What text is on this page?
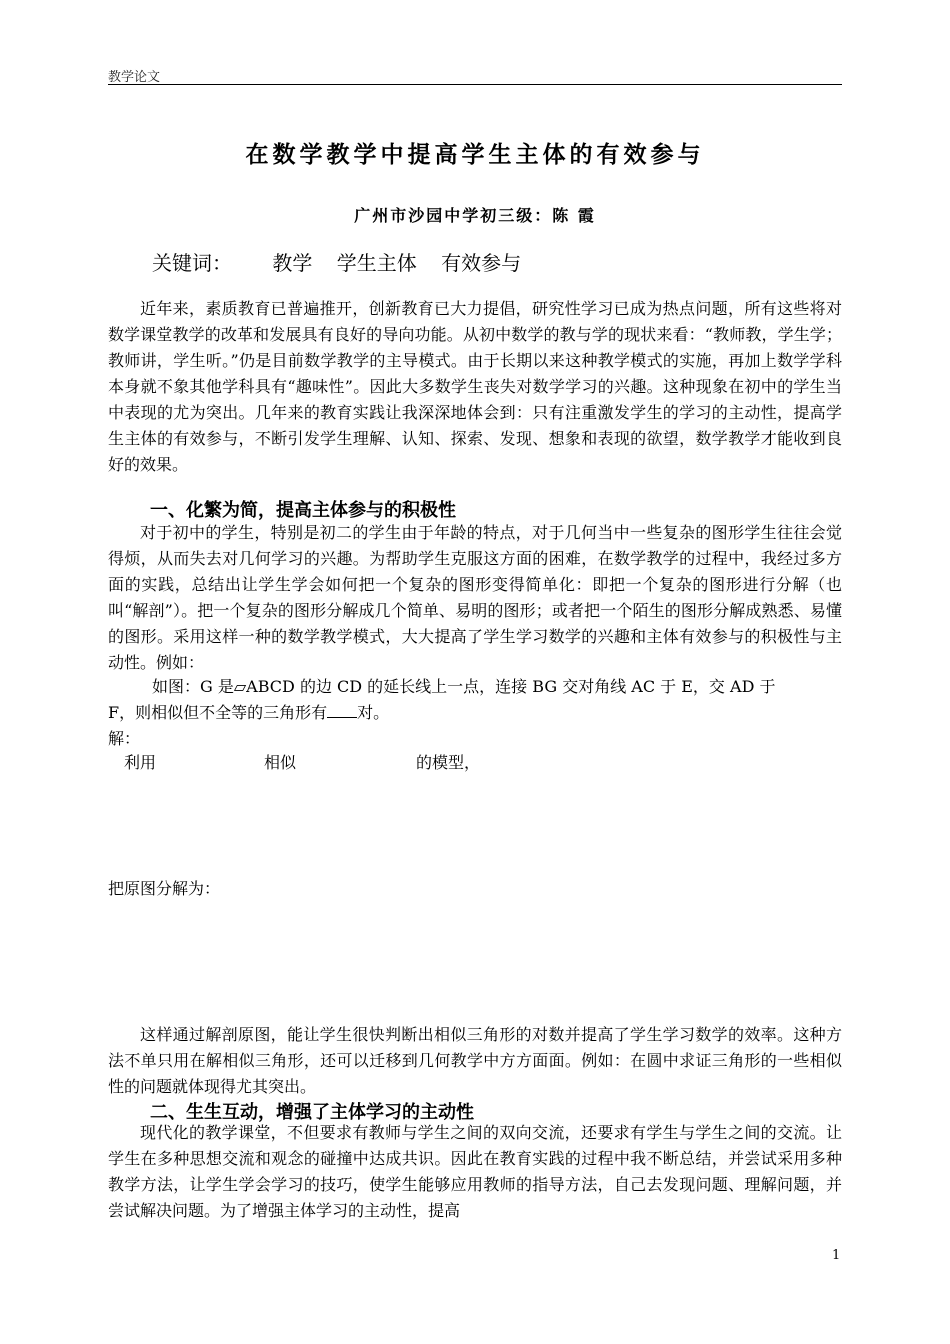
教学论文
在数学教学中提高学生主体的有效参与
广州市沙园中学初三级：陈 霞
关键词： 教学 学生主体 有效参与

近年来，素质教育已普遍推开，创新教育已大力提倡，研究性学习已成为热点问题，所有这些将对数学课堂教学的改革和发展具有良好的导向功能。从初中数学的教与学的现状来看：“教师教，学生学；教师讲，学生听。”仍是目前数学教学的主导模式。由于长期以来这种教学模式的实施，再加上数学学科本身就不象其他学科具有“趣味性”。因此大多数学生丧失对数学学习的兴趣。这种现象在初中的学生当中表现的尤为突出。几年来的教育实践让我深深地体会到：只有注重激发学生的学习的主动性，提高学生主体的有效参与，不断引发学生理解、认知、探索、发现、想象和表现的欲望，数学教学才能收到良好的效果。

一、化繁为简，提高主体参与的积极性

对于初中的学生，特别是初二的学生由于年龄的特点，对于几何当中一些复杂的图形学生往往会觉得烦，从而失去对几何学习的兴趣。为帮助学生克服这方面的困难，在数学教学的过程中，我经过多方面的实践，总结出让学生学会如何把一个复杂的图形变得简单化：即把一个复杂的图形进行分解（也叫“解剖”）。把一个复杂的图形分解成几个简单、易明的图形；或者把一个陌生的图形分解成熟悉、易懂的图形。采用这样一种的数学教学模式，大大提高了学生学习数学的兴趣和主体有效参与的积极性与主动性。例如：

如图：G 是▱ABCD 的边 CD 的延长线上一点，连接 BG 交对角线 AC 于 E，交 AD 于
F，则相似但不全等的三角形有 对。
解：
利用	相似	的模型，
把原图分解为：

这样通过解剖原图，能让学生很快判断出相似三角形的对数并提高了学生学习数学的效率。这种方法不单只用在解相似三角形，还可以迁移到几何教学中方方面面。例如：在圆中求证三角形的一些相似性的问题就体现得尤其突出。

二、生生互动，增强了主体学习的主动性

现代化的教学课堂，不但要求有教师与学生之间的双向交流，还要求有学生与学生之间的交流。让学生在多种思想交流和观念的碰撞中达成共识。因此在教育实践的过程中我不断总结，并尝试采用多种教学方法，让学生学会学习的技巧，使学生能够应用教师的指导方法，自己去发现问题、理解问题，并尝试解决问题。为了增强主体学习的主动性，提高

1
